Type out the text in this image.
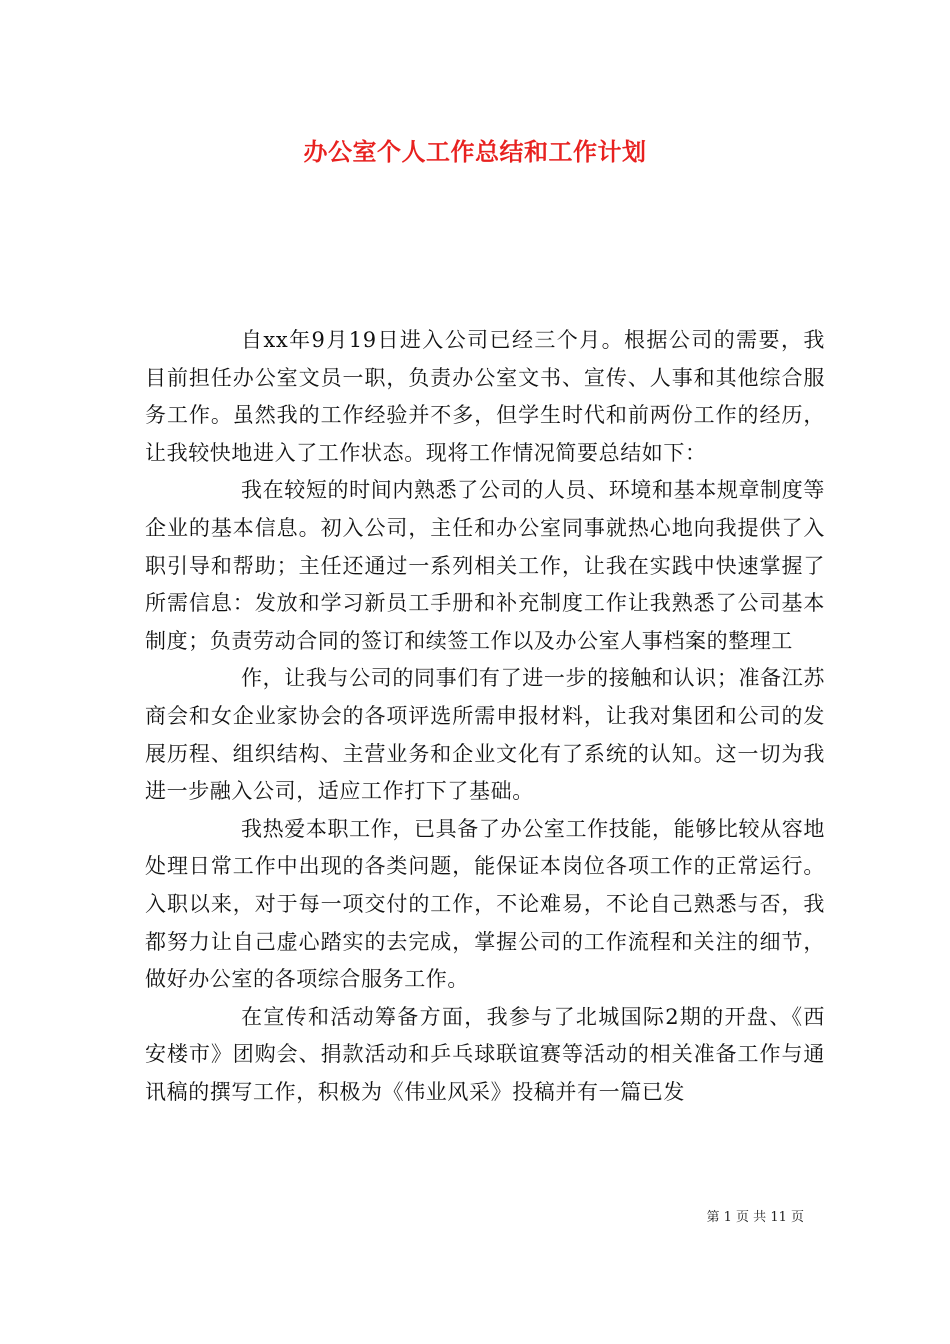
办公室个人工作总结和工作计划

自xx年9月19日进入公司已经三个月。根据公司的需要，我目前担任办公室文员一职，负责办公室文书、宣传、人事和其他综合服务工作。虽然我的工作经验并不多，但学生时代和前两份工作的经历，让我较快地进入了工作状态。现将工作情况简要总结如下：

我在较短的时间内熟悉了公司的人员、环境和基本规章制度等企业的基本信息。初入公司，主任和办公室同事就热心地向我提供了入职引导和帮助；主任还通过一系列相关工作，让我在实践中快速掌握了所需信息：发放和学习新员工手册和补充制度工作让我熟悉了公司基本制度；负责劳动合同的签订和续签工作以及办公室人事档案的整理工

作，让我与公司的同事们有了进一步的接触和认识；准备江苏商会和女企业家协会的各项评选所需申报材料，让我对集团和公司的发展历程、组织结构、主营业务和企业文化有了系统的认知。这一切为我进一步融入公司，适应工作打下了基础。

我热爱本职工作，已具备了办公室工作技能，能够比较从容地处理日常工作中出现的各类问题，能保证本岗位各项工作的正常运行。入职以来，对于每一项交付的工作，不论难易，不论自己熟悉与否，我都努力让自己虚心踏实的去完成，掌握公司的工作流程和关注的细节，做好办公室的各项综合服务工作。

在宣传和活动筹备方面，我参与了北城国际2期的开盘、《西安楼市》团购会、捐款活动和乒乓球联谊赛等活动的相关准备工作与通讯稿的撰写工作，积极为《伟业风采》投稿并有一篇已发

第 1 页 共 11 页
